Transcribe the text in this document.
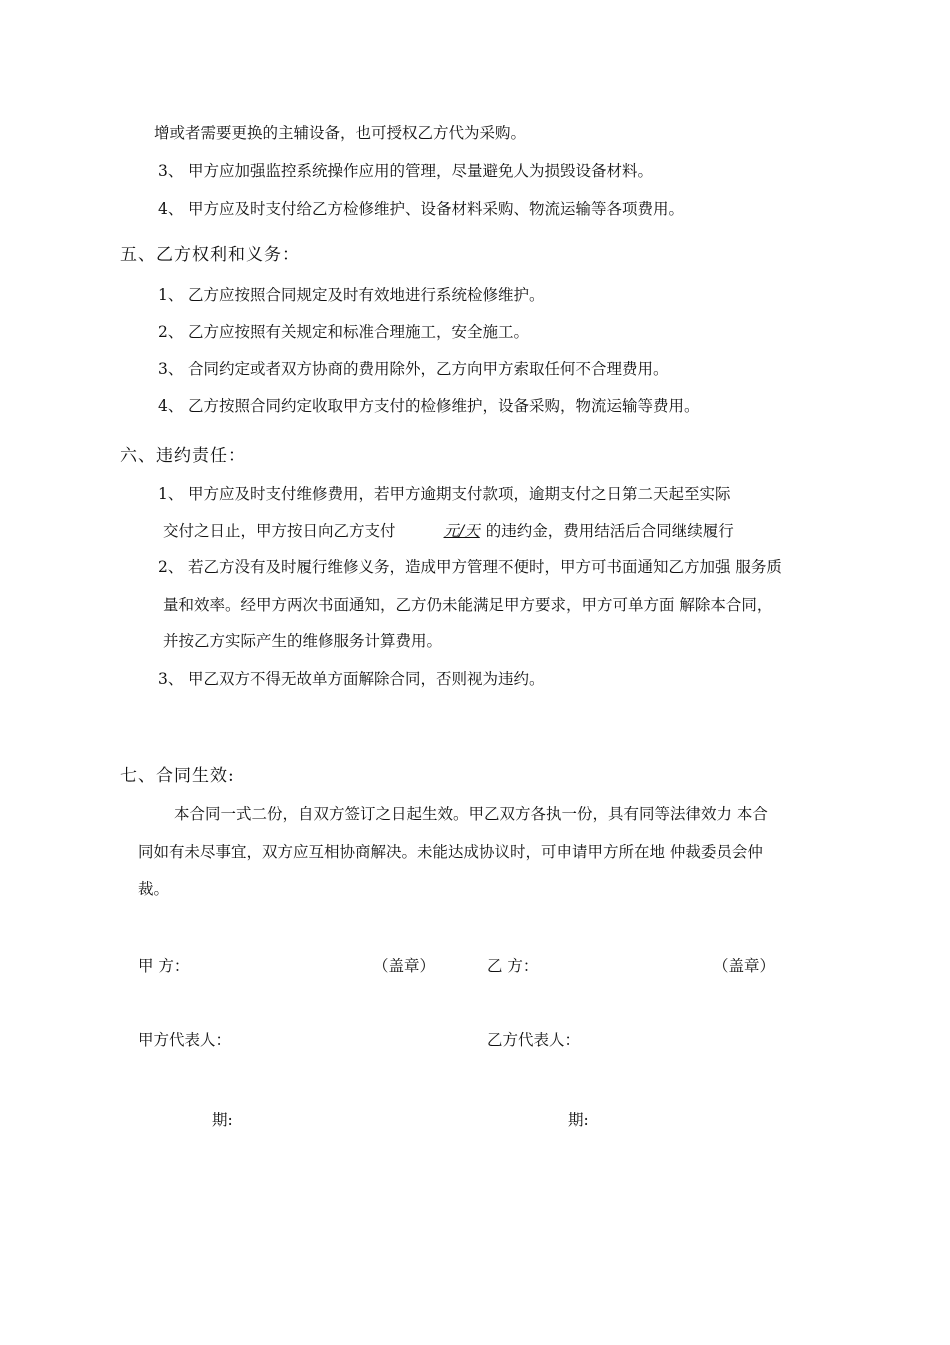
增或者需要更换的主辅设备，也可授权乙方代为采购。
3、 甲方应加强监控系统操作应用的管理，尽量避免人为损毁设备材料。
4、 甲方应及时支付给乙方检修维护、设备材料采购、物流运输等各项费用。
五、乙方权利和义务：
1、 乙方应按照合同规定及时有效地进行系统检修维护。
2、 乙方应按照有关规定和标准合理施工，安全施工。
3、 合同约定或者双方协商的费用除外，乙方向甲方索取任何不合理费用。
4、 乙方按照合同约定收取甲方支付的检修维护，设备采购，物流运输等费用。
六、违约责任：
1、 甲方应及时支付维修费用，若甲方逾期支付款项，逾期支付之日第二天起至实际
交付之日止，甲方按日向乙方支付	元/天 的违约金，费用结活后合同继续履行
2、 若乙方没有及时履行维修义务，造成甲方管理不便时，甲方可书面通知乙方加强 服务质
量和效率。经甲方两次书面通知，乙方仍未能满足甲方要求，甲方可单方面 解除本合同，
并按乙方实际产生的维修服务计算费用。
3、 甲乙双方不得无故单方面解除合同，否则视为违约。
七、合同生效:
本合同一式二份，自双方签订之日起生效。甲乙双方各执一份，具有同等法律效力 本合
同如有未尽事宜，双方应互相协商解决。未能达成协议时，可申请甲方所在地 仲裁委员会仲
裁。
甲 方：	（盖章）	乙 方：	（盖章）
甲方代表人：	乙方代表人：
期:	期:
